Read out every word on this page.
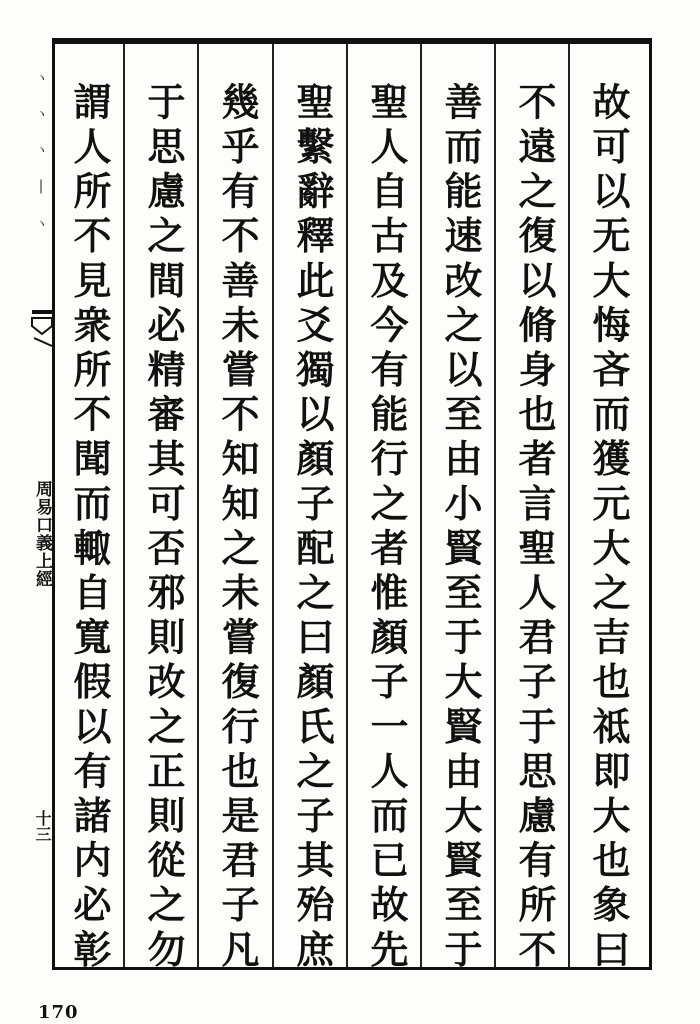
ヽヽヽ|ヽ
周易口義上經
十三	故可以无大悔吝而獲元大之吉也祗即大也象曰
不遠之復以脩身也者言聖人君子于思慮有所不
善而能速改之以至由小賢至于大賢由大賢至于
聖人自古及今有能行之者惟顏子一人而已故先
聖繫辭釋此爻獨以顏子配之曰顏氏之子其殆庶
幾乎有不善未嘗不知知之未嘗復行也是君子凡
于思慮之間必精審其可否邪則改之正則從之勿
謂人所不見衆所不聞而輙自寬假以有諸内必彰
170
